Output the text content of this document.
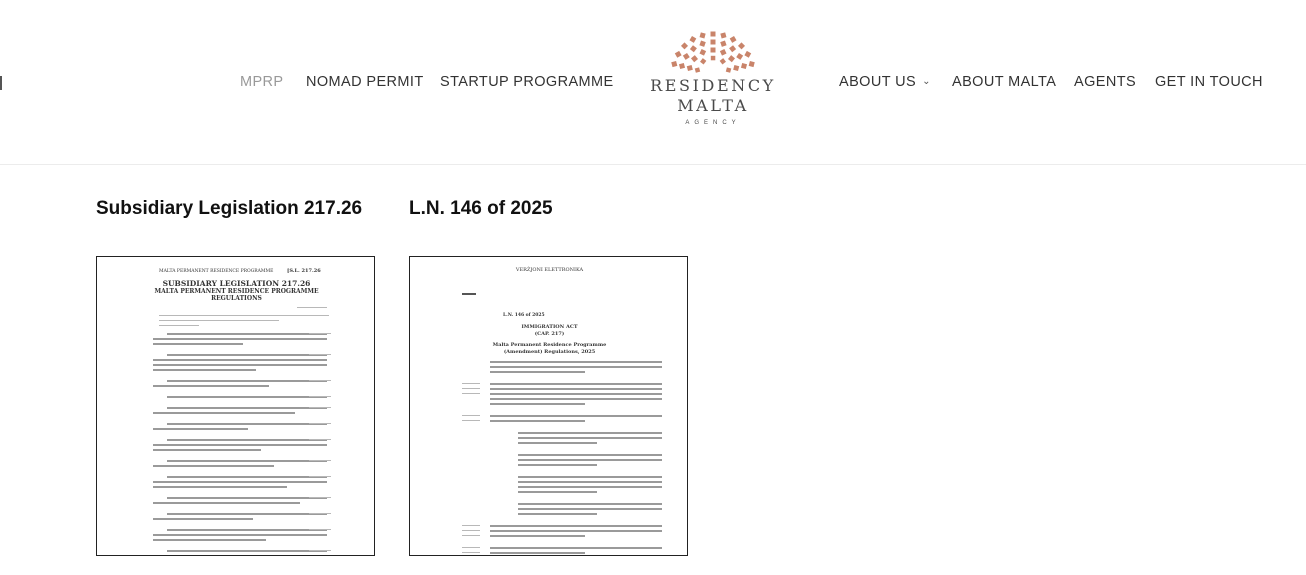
MPRP NOMAD PERMIT STARTUP PROGRAMME RESIDENCY
MALTA
AGENCY
ABOUT US ⌄ ABOUT MALTA AGENTS GET IN TOUCH
Subsidiary Legislation 217.26
MALTA PERMANENT RESIDENCE PROGRAMME	[S.L. 217.26
SUBSIDIARY LEGISLATION 217.26
MALTA PERMANENT RESIDENCE PROGRAMME
REGULATIONS
L.N. 146 of 2025
VERŻJONI ELETTRONIKA
L.N. 146 of 2025
IMMIGRATION ACT
(CAP. 217)
Malta Permanent Residence Programme
(Amendment) Regulations, 2025
